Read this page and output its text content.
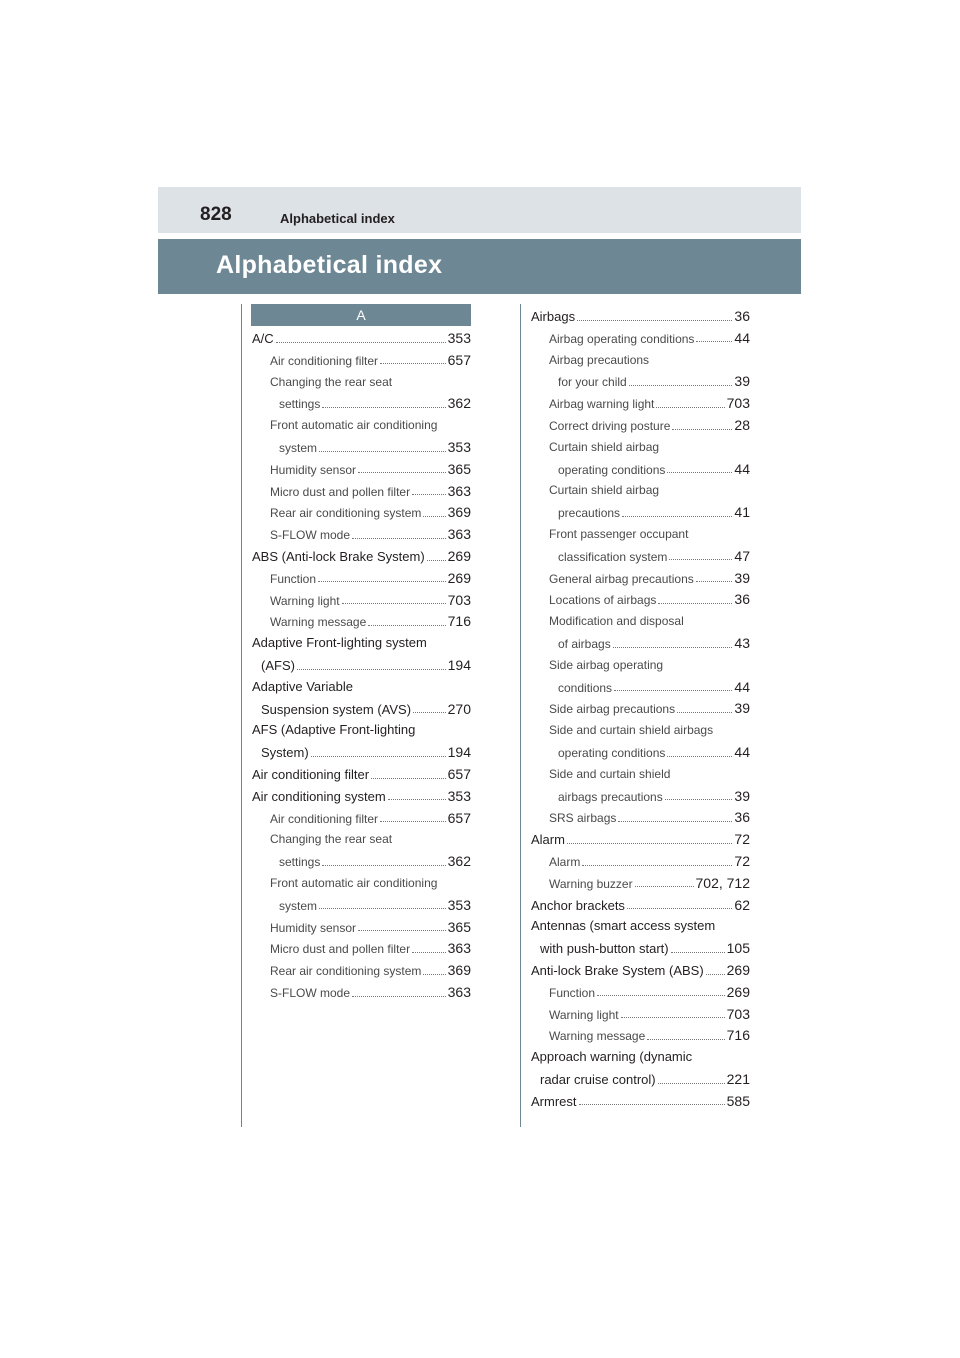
828	Alphabetical index
Alphabetical index
A
A/C	353
Air conditioning filter	657
Changing the rear seat
settings	362
Front automatic air conditioning
system	353
Humidity sensor	365
Micro dust and pollen filter	363
Rear air conditioning system 369
S-FLOW mode	363
ABS (Anti-lock Brake System) 269
Function	269
Warning light	703
Warning message	716
Adaptive Front-lighting system
(AFS)	194
Adaptive Variable
Suspension system (AVS)	270
AFS (Adaptive Front-lighting
System)	194
Air conditioning filter	657
Air conditioning system	353
Air conditioning filter	657
Changing the rear seat
settings	362
Front automatic air conditioning
system	353
Humidity sensor	365
Micro dust and pollen filter	363
Rear air conditioning system 369
S-FLOW mode	363
Airbags	36
Airbag operating conditions	44
Airbag precautions
for your child	39
Airbag warning light	703
Correct driving posture	28
Curtain shield airbag
operating conditions	44
Curtain shield airbag
precautions	41
Front passenger occupant
classification system	47
General airbag precautions	39
Locations of airbags	36
Modification and disposal
of airbags	43
Side airbag operating
conditions	44
Side airbag precautions	39
Side and curtain shield airbags
operating conditions	44
Side and curtain shield
airbags precautions	39
SRS airbags	36
Alarm	72
Alarm	72
Warning buzzer	702, 712
Anchor brackets	62
Antennas (smart access system
with push-button start)	105
Anti-lock Brake System (ABS) 269
Function	269
Warning light	703
Warning message	716
Approach warning (dynamic
radar cruise control)	221
Armrest	585
